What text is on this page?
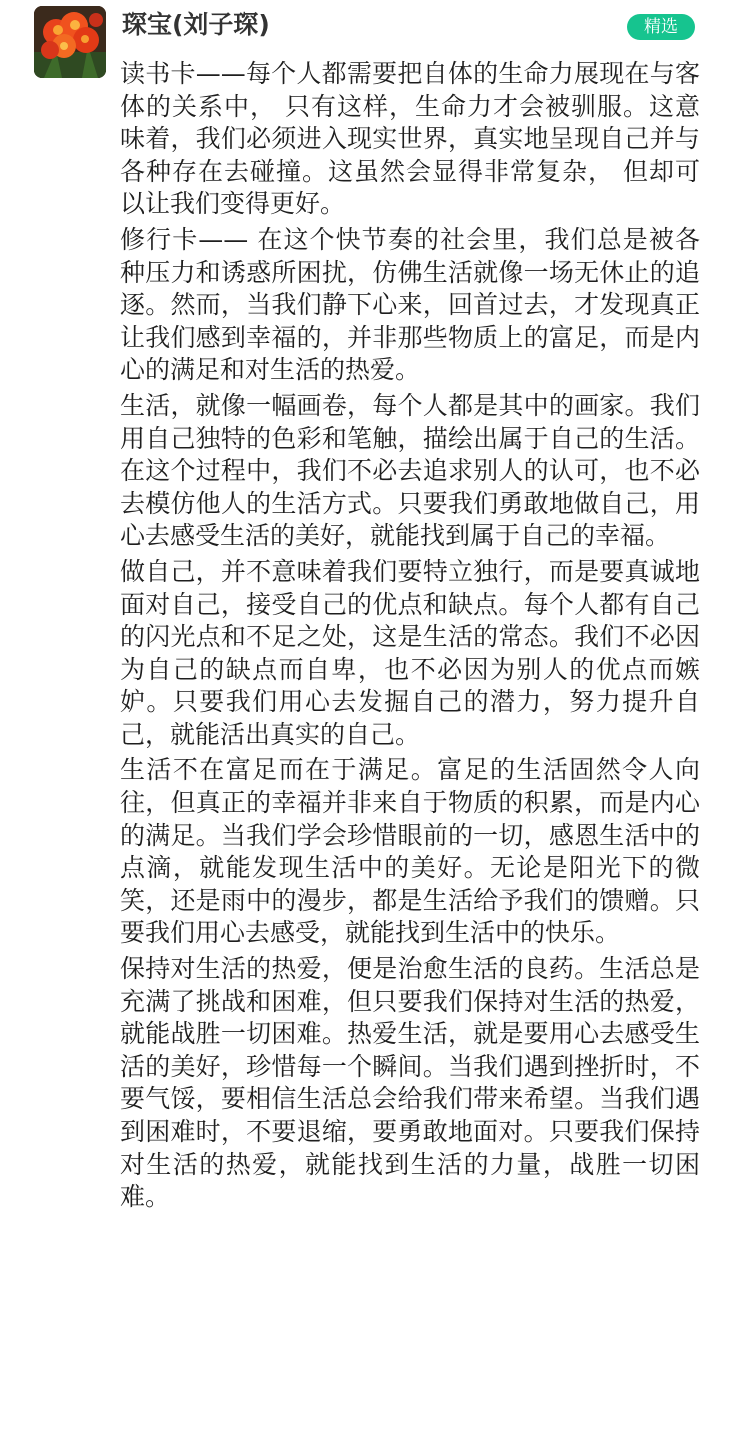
琛宝(刘子琛)	精选

读书卡——每个人都需要把自体的生命力展现在与客体的关系中， 只有这样，生命力才会被驯服。这意味着，我们必须进入现实世界，真实地呈现自己并与各种存在去碰撞。这虽然会显得非常复杂， 但却可以让我们变得更好。

修行卡—— 在这个快节奏的社会里，我们总是被各种压力和诱惑所困扰，仿佛生活就像一场无休止的追逐。然而，当我们静下心来，回首过去，才发现真正让我们感到幸福的，并非那些物质上的富足，而是内心的满足和对生活的热爱。

生活，就像一幅画卷，每个人都是其中的画家。我们用自己独特的色彩和笔触，描绘出属于自己的生活。在这个过程中，我们不必去追求别人的认可，也不必去模仿他人的生活方式。只要我们勇敢地做自己，用心去感受生活的美好，就能找到属于自己的幸福。

做自己，并不意味着我们要特立独行，而是要真诚地面对自己，接受自己的优点和缺点。每个人都有自己的闪光点和不足之处，这是生活的常态。我们不必因为自己的缺点而自卑，也不必因为别人的优点而嫉妒。只要我们用心去发掘自己的潜力，努力提升自己，就能活出真实的自己。

生活不在富足而在于满足。富足的生活固然令人向往，但真正的幸福并非来自于物质的积累，而是内心的满足。当我们学会珍惜眼前的一切，感恩生活中的点滴，就能发现生活中的美好。无论是阳光下的微笑，还是雨中的漫步，都是生活给予我们的馈赠。只要我们用心去感受，就能找到生活中的快乐。

保持对生活的热爱，便是治愈生活的良药。生活总是充满了挑战和困难，但只要我们保持对生活的热爱，就能战胜一切困难。热爱生活，就是要用心去感受生活的美好，珍惜每一个瞬间。当我们遇到挫折时，不要气馁，要相信生活总会给我们带来希望。当我们遇到困难时，不要退缩，要勇敢地面对。只要我们保持对生活的热爱，就能找到生活的力量，战胜一切困难。
